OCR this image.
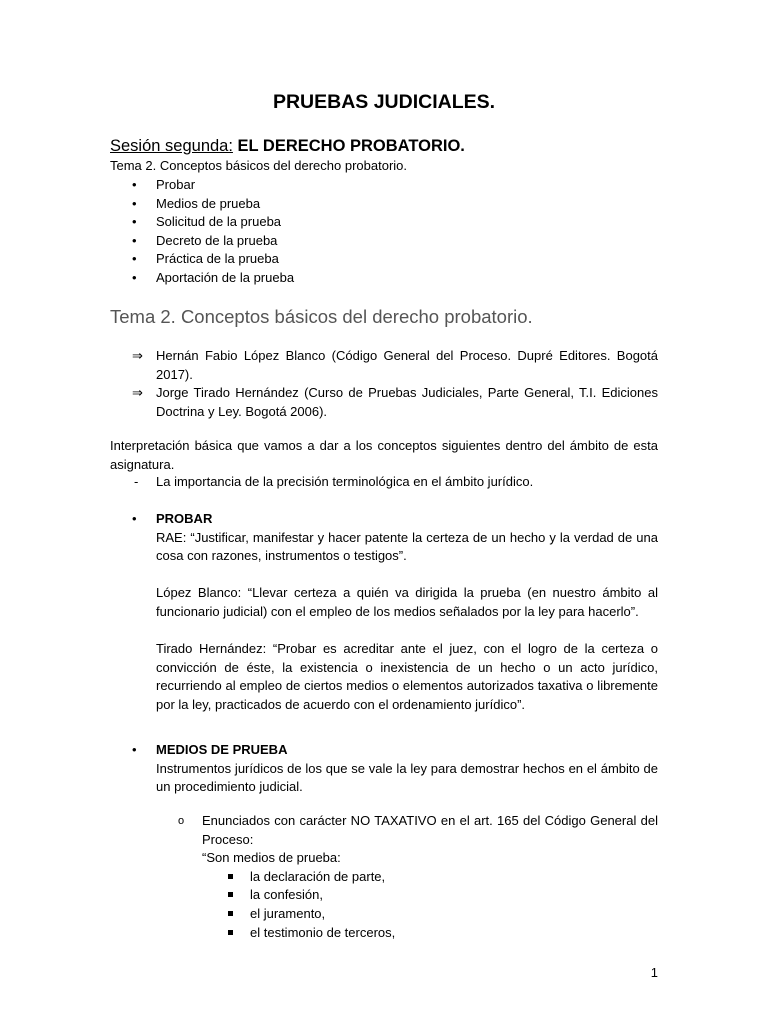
PRUEBAS JUDICIALES.
Sesión segunda: EL DERECHO PROBATORIO.
Tema 2. Conceptos básicos del derecho probatorio.
• Probar
• Medios de prueba
• Solicitud de la prueba
• Decreto de la prueba
• Práctica de la prueba
• Aportación de la prueba
Tema 2. Conceptos básicos del derecho probatorio.
⇒ Hernán Fabio López Blanco (Código General del Proceso. Dupré Editores. Bogotá 2017).
⇒ Jorge Tirado Hernández (Curso de Pruebas Judiciales, Parte General, T.I. Ediciones Doctrina y Ley. Bogotá 2006).
Interpretación básica que vamos a dar a los conceptos siguientes dentro del ámbito de esta asignatura.
- La importancia de la precisión terminológica en el ámbito jurídico.
•	PROBAR
RAE: “Justificar, manifestar y hacer patente la certeza de un hecho y la verdad de una cosa con razones, instrumentos o testigos”.
López Blanco: “Llevar certeza a quién va dirigida la prueba (en nuestro ámbito al funcionario judicial) con el empleo de los medios señalados por la ley para hacerlo”.
Tirado Hernández: “Probar es acreditar ante el juez, con el logro de la certeza o convicción de éste, la existencia o inexistencia de un hecho o un acto jurídico, recurriendo al empleo de ciertos medios o elementos autorizados taxativa o libremente por la ley, practicados de acuerdo con el ordenamiento jurídico”.
•	MEDIOS DE PRUEBA
Instrumentos jurídicos de los que se vale la ley para demostrar hechos en el ámbito de un procedimiento judicial.
o	Enunciados con carácter NO TAXATIVO en el art. 165 del Código General del Proceso:
“Son medios de prueba:
la declaración de parte,
la confesión,
el juramento,
el testimonio de terceros,
1
